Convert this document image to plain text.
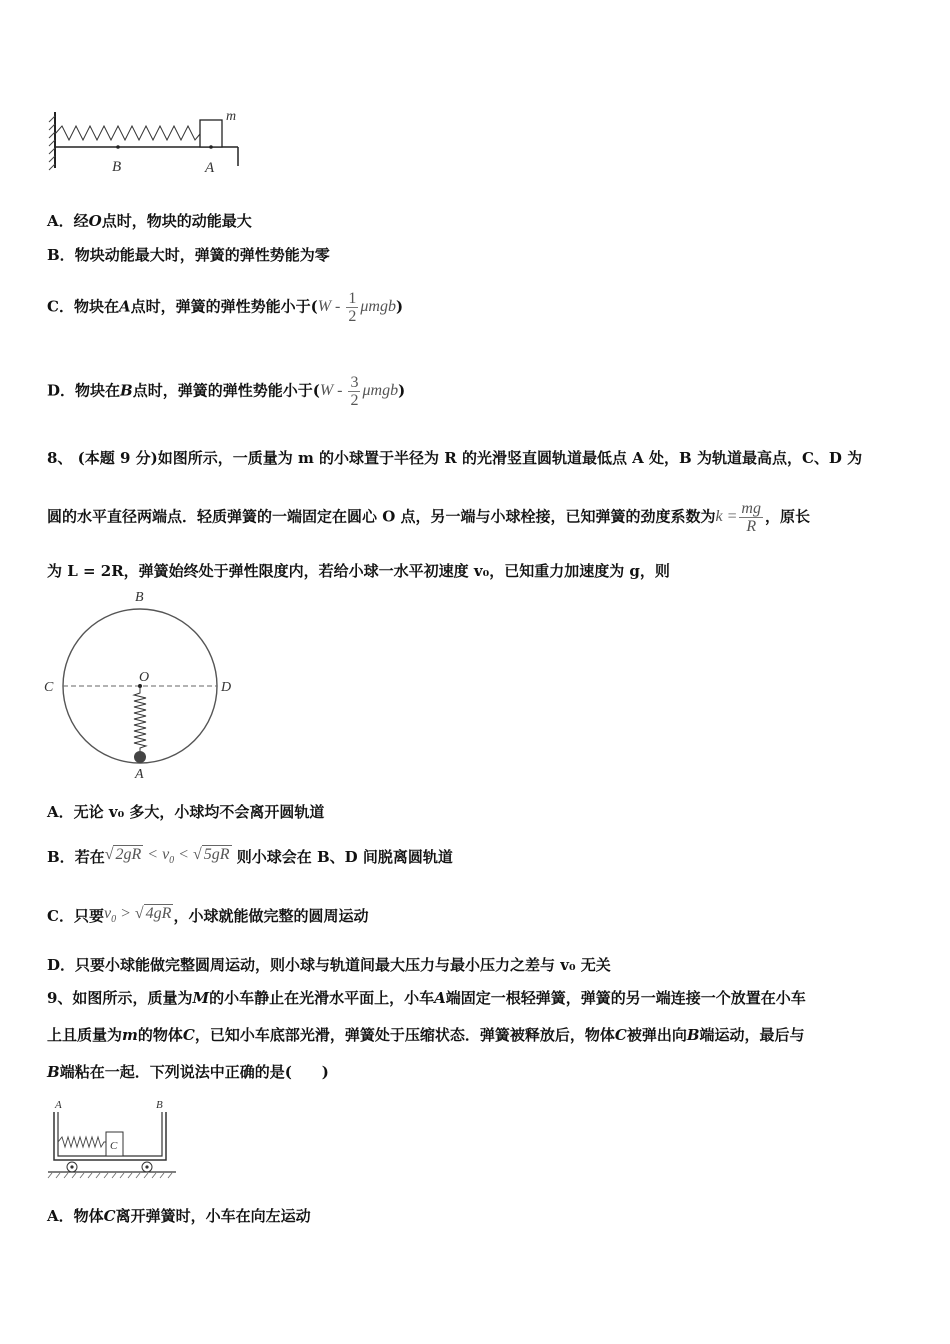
m
B	A
A．经O点时，物块的动能最大
B．物块动能最大时，弹簧的弹性势能为零
C．物块在A点时，弹簧的弹性势能小于$(W - \frac{1}{2} \mu mgb)$
D．物块在B点时，弹簧的弹性势能小于$(W - \frac{3}{2} \mu mgb)$
8、 (本题 9 分)如图所示，一质量为 m 的小球置于半径为 R 的光滑竖直圆轨道最低点 A 处，B 为轨道最高点，C、D 为
圆的水平直径两端点．轻质弹簧的一端固定在圆心 O 点，另一端与小球栓接，已知弹簧的劲度系数为$k = \frac{mg}{R}$ ，原长
为 L = 2R，弹簧始终处于弹性限度内，若给小球一水平初速度 v₀，已知重力加速度为 g，则
B
O
C	D
A
A．无论 v₀ 多大，小球均不会离开圆轨道
B．若在√ $2gR < v_0$ < √ 5gR 则小球会在 B、D 间脱离圆轨道
C．只要$v_0$ > √ 4gR ，小球就能做完整的圆周运动
D．只要小球能做完整圆周运动，则小球与轨道间最大压力与最小压力之差与 v₀ 无关
9、如图所示，质量为M的小车静止在光滑水平面上，小车A端固定一根轻弹簧，弹簧的另一端连接一个放置在小车
上且质量为m的物体C，已知小车底部光滑，弹簧处于压缩状态．弹簧被释放后，物体C被弹出向B端运动，最后与
B端粘在一起．下列说法中正确的是(　　)
A	B
C
A．物体C离开弹簧时，小车在向左运动
